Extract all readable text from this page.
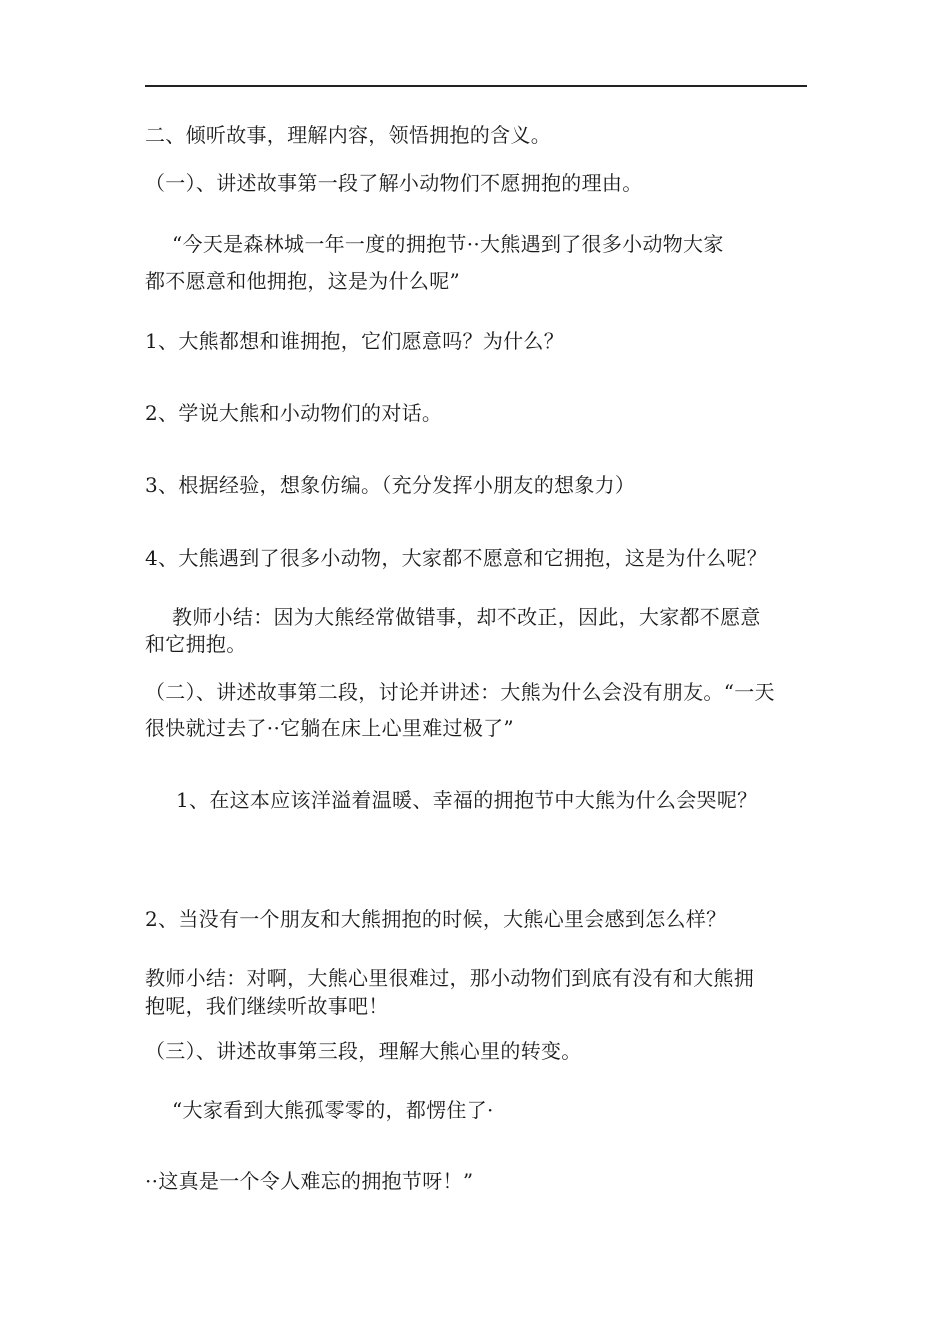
二、倾听故事，理解内容，领悟拥抱的含义。
（一）、讲述故事第一段了解小动物们不愿拥抱的理由。
“今天是森林城一年一度的拥抱节··大熊遇到了很多小动物大家
都不愿意和他拥抱，这是为什么呢”
1、大熊都想和谁拥抱，它们愿意吗？为什么？
2、学说大熊和小动物们的对话。
3、根据经验，想象仿编。（充分发挥小朋友的想象力）
4、大熊遇到了很多小动物，大家都不愿意和它拥抱，这是为什么呢？
教师小结：因为大熊经常做错事，却不改正，因此，大家都不愿意
和它拥抱。
（二）、讲述故事第二段，讨论并讲述：大熊为什么会没有朋友。“一天
很快就过去了··它躺在床上心里难过极了”
1、在这本应该洋溢着温暖、幸福的拥抱节中大熊为什么会哭呢？
2、当没有一个朋友和大熊拥抱的时候，大熊心里会感到怎么样？
教师小结：对啊，大熊心里很难过，那小动物们到底有没有和大熊拥
抱呢，我们继续听故事吧！
（三）、讲述故事第三段，理解大熊心里的转变。
“大家看到大熊孤零零的，都愣住了·
··这真是一个令人难忘的拥抱节呀！”
